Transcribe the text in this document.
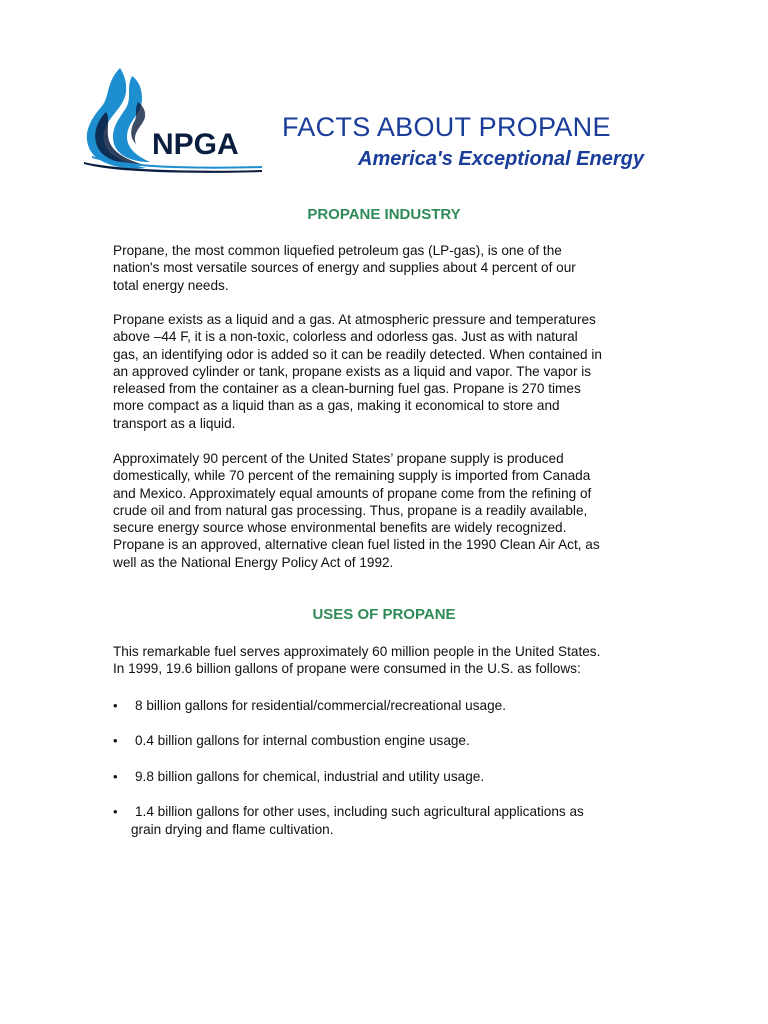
NPGA
FACTS ABOUT PROPANE
America's Exceptional Energy
PROPANE INDUSTRY

Propane, the most common liquefied petroleum gas (LP-gas), is one of the
nation's most versatile sources of energy and supplies about 4 percent of our
total energy needs.

Propane exists as a liquid and a gas. At atmospheric pressure and temperatures
above –44 F, it is a non-toxic, colorless and odorless gas. Just as with natural
gas, an identifying odor is added so it can be readily detected. When contained in
an approved cylinder or tank, propane exists as a liquid and vapor. The vapor is
released from the container as a clean-burning fuel gas. Propane is 270 times
more compact as a liquid than as a gas, making it economical to store and
transport as a liquid.

Approximately 90 percent of the United States’ propane supply is produced
domestically, while 70 percent of the remaining supply is imported from Canada
and Mexico. Approximately equal amounts of propane come from the refining of
crude oil and from natural gas processing. Thus, propane is a readily available,
secure energy source whose environmental benefits are widely recognized.
Propane is an approved, alternative clean fuel listed in the 1990 Clean Air Act, as
well as the National Energy Policy Act of 1992.

USES OF PROPANE

This remarkable fuel serves approximately 60 million people in the United States.
In 1999, 19.6 billion gallons of propane were consumed in the U.S. as follows:

•	8 billion gallons for residential/commercial/recreational usage.
•	0.4 billion gallons for internal combustion engine usage.
•	9.8 billion gallons for chemical, industrial and utility usage.
•	1.4 billion gallons for other uses, including such agricultural applications as
grain drying and flame cultivation.
